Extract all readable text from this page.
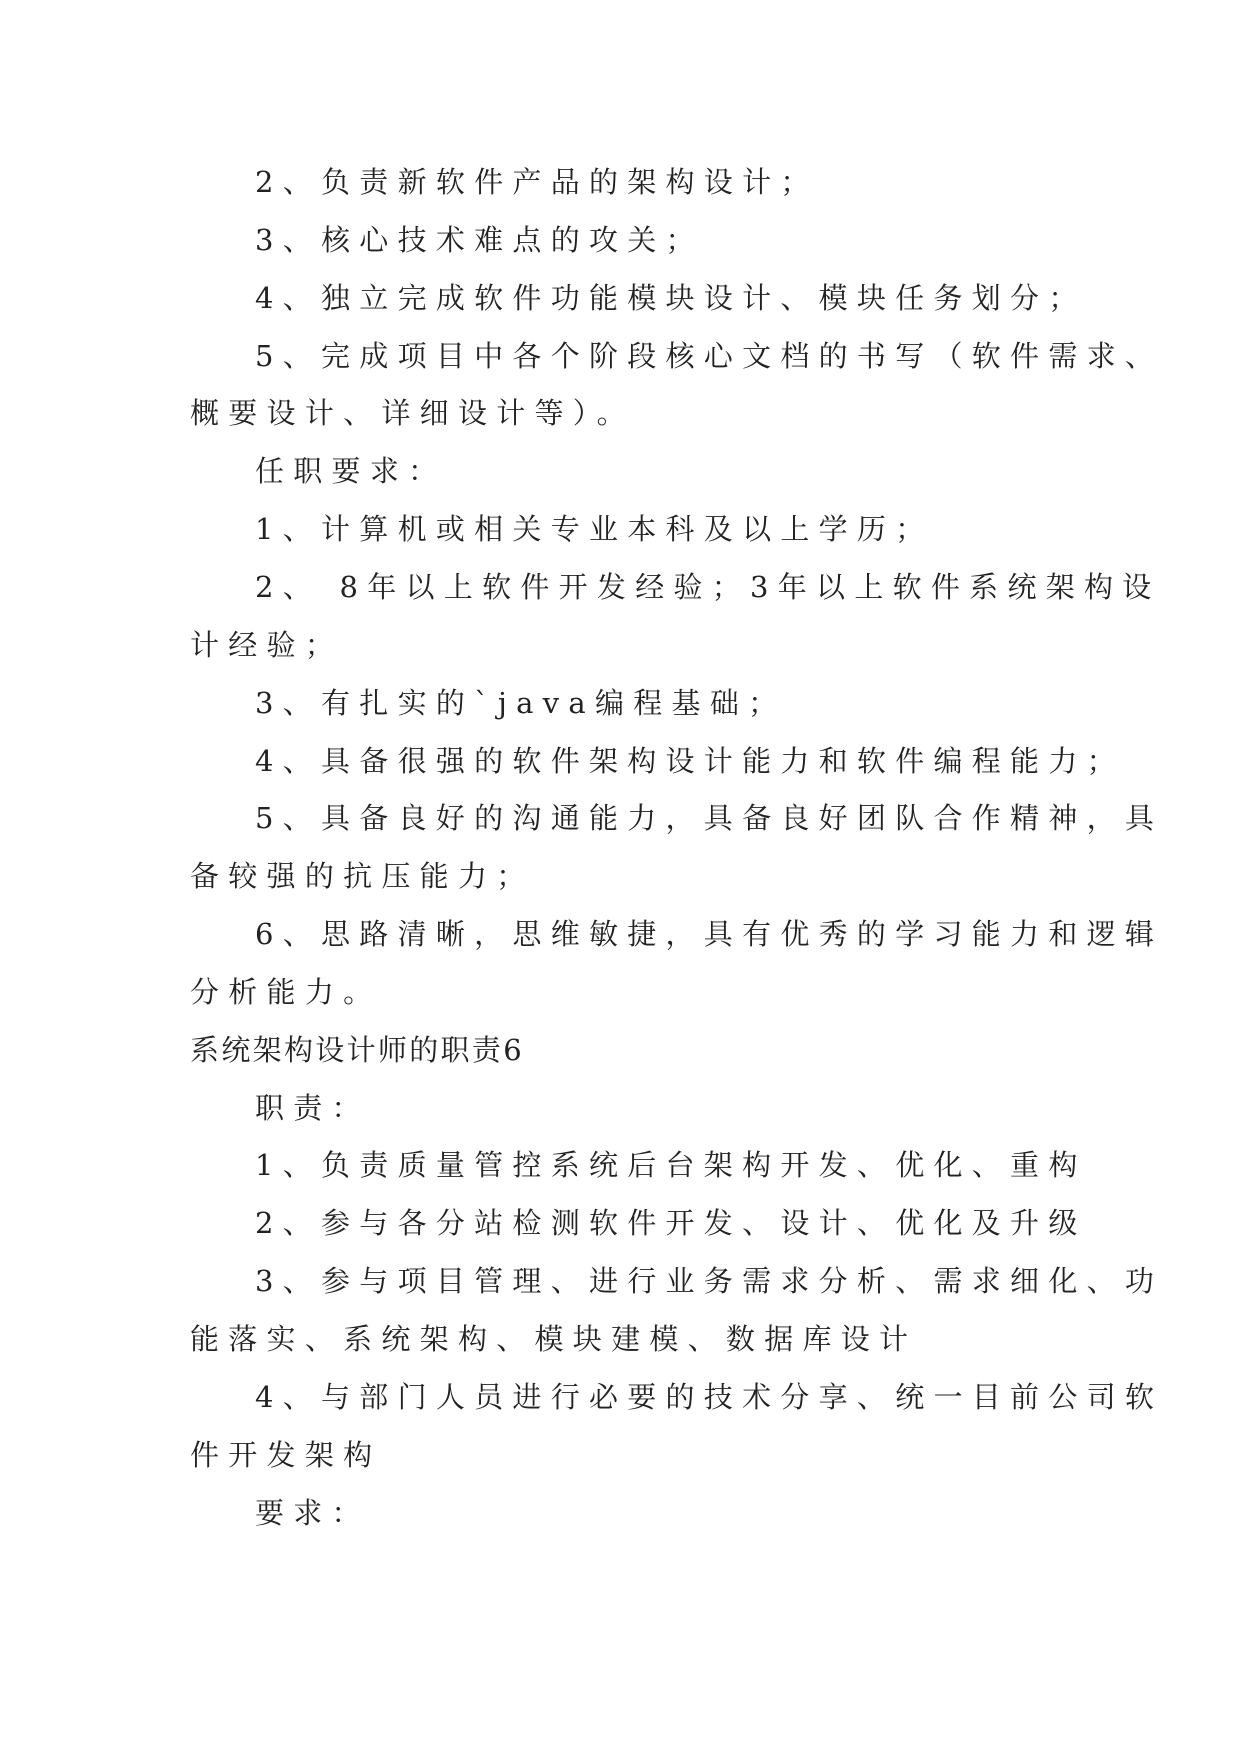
2、负责新软件产品的架构设计；
3、核心技术难点的攻关；
4、独立完成软件功能模块设计、模块任务划分；
5、完成项目中各个阶段核心文档的书写（软件需求、
概要设计、详细设计等）。
任职要求：
1、计算机或相关专业本科及以上学历；
2、 8年以上软件开发经验；3年以上软件系统架构设
计经验；
3、有扎实的`java编程基础；
4、具备很强的软件架构设计能力和软件编程能力；
5、具备良好的沟通能力，具备良好团队合作精神，具
备较强的抗压能力；
6、思路清晰，思维敏捷，具有优秀的学习能力和逻辑
分析能力。
系统架构设计师的职责6
职责：
1、负责质量管控系统后台架构开发、优化、重构
2、参与各分站检测软件开发、设计、优化及升级
3、参与项目管理、进行业务需求分析、需求细化、功
能落实、系统架构、模块建模、数据库设计
4、与部门人员进行必要的技术分享、统一目前公司软
件开发架构
要求：
